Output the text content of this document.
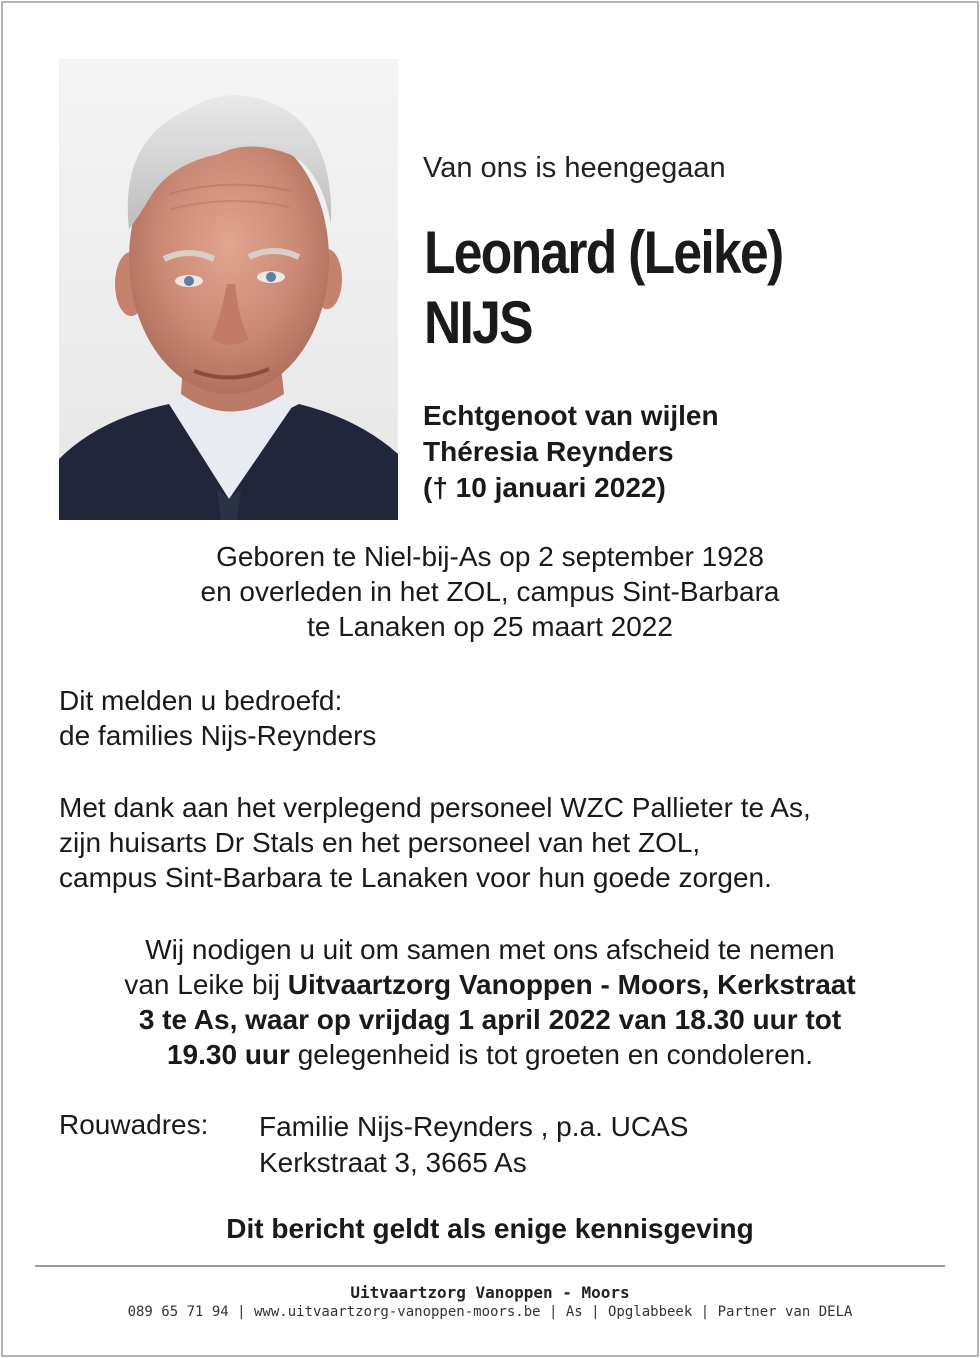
Van ons is heengegaan
Leonard (Leike)
NIJS
Echtgenoot van wijlen
Théresia Reynders
(† 10 januari 2022)
Geboren te Niel-bij-As op 2 september 1928
en overleden in het ZOL, campus Sint-Barbara
te Lanaken op 25 maart 2022
Dit melden u bedroefd:
de families Nijs-Reynders
Met dank aan het verplegend personeel WZC Pallieter te As,
zijn huisarts Dr Stals en het personeel van het ZOL,
campus Sint-Barbara te Lanaken voor hun goede zorgen.
Wij nodigen u uit om samen met ons afscheid te nemen
van Leike bij Uitvaartzorg Vanoppen - Moors, Kerkstraat
3 te As, waar op vrijdag 1 april 2022 van 18.30 uur tot
19.30 uur gelegenheid is tot groeten en condoleren.
Rouwadres: Familie Nijs-Reynders , p.a. UCAS
Kerkstraat 3, 3665 As
Dit bericht geldt als enige kennisgeving
Uitvaartzorg Vanoppen - Moors
089 65 71 94 | www.uitvaartzorg-vanoppen-moors.be | As | Opglabbeek | Partner van DELA
